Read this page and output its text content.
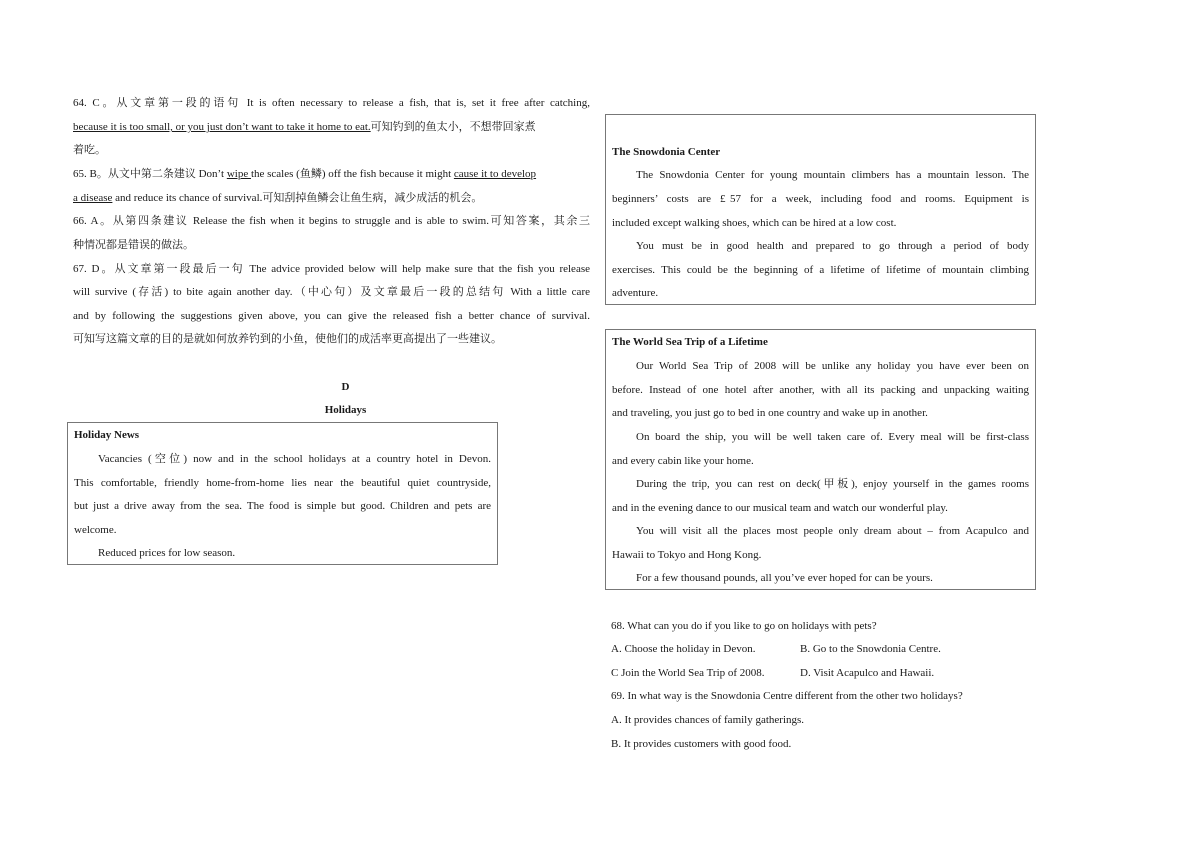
64. C。从文章第一段的语句 It is often necessary to release a fish, that is, set it free after catching,
because it is too small, or you just don’t want to take it home to eat.可知钓到的鱼太小，不想带回家煮
着吃。
65. B。从文中第二条建议 Don’t wipe the scales (鱼鳞) off the fish because it might cause it to develop
a disease and reduce its chance of survival.可知刮掉鱼鳞会让鱼生病，减少成活的机会。
66. A。从第四条建议 Release the fish when it begins to struggle and is able to swim.可知答案，其余三
种情况都是错误的做法。
67. D。从文章第一段最后一句 The advice provided below will help make sure that the fish you release
will survive (存活) to bite again another day.（中心句）及文章最后一段的总结句 With a little care
and by following the suggestions given above, you can give the released fish a better chance of survival.
可知写这篇文章的目的是就如何放养钓到的小鱼，使他们的成活率更高提出了一些建议。
D
Holidays
Holiday News
Vacancies (空位) now and in the school holidays at a country hotel in Devon.
This comfortable, friendly home-from-home lies near the beautiful quiet countryside,
but just a drive away from the sea. The food is simple but good. Children and pets are
welcome.
Reduced prices for low season.
The Snowdonia Center
The Snowdonia Center for young mountain climbers has a mountain lesson. The
beginners’  costs  are  £ 57  for  a  week,  including  food  and  rooms.  Equipment  is
included except walking shoes, which can be hired at a low cost.
You must be in good health and prepared to go through a period of body
exercises. This could be the beginning of a lifetime of lifetime of mountain climbing
adventure.
The World Sea Trip of a Lifetime
Our World Sea Trip of 2008 will be unlike any holiday you have ever been on
before. Instead of one hotel after another, with all its packing and unpacking waiting
and traveling, you just go to bed in one country and wake up in another.
On board the ship, you will be well taken care of. Every meal will be first-class
and every cabin like your home.
During the trip, you can rest on deck(甲板), enjoy yourself in the games rooms
and in the evening dance to our musical team and watch our wonderful play.
You will visit all the places most people only dream about – from Acapulco and
Hawaii to Tokyo and Hong Kong.
For a few thousand pounds, all you’ve ever hoped for can be yours.
68. What can you do if you like to go on holidays with pets?
A. Choose the holiday in Devon.	B. Go to the Snowdonia Centre.
C Join the World Sea Trip of 2008.	D. Visit Acapulco and Hawaii.
69. In what way is the Snowdonia Centre different from the other two holidays?
A. It provides chances of family gatherings.
B. It provides customers with good food.
